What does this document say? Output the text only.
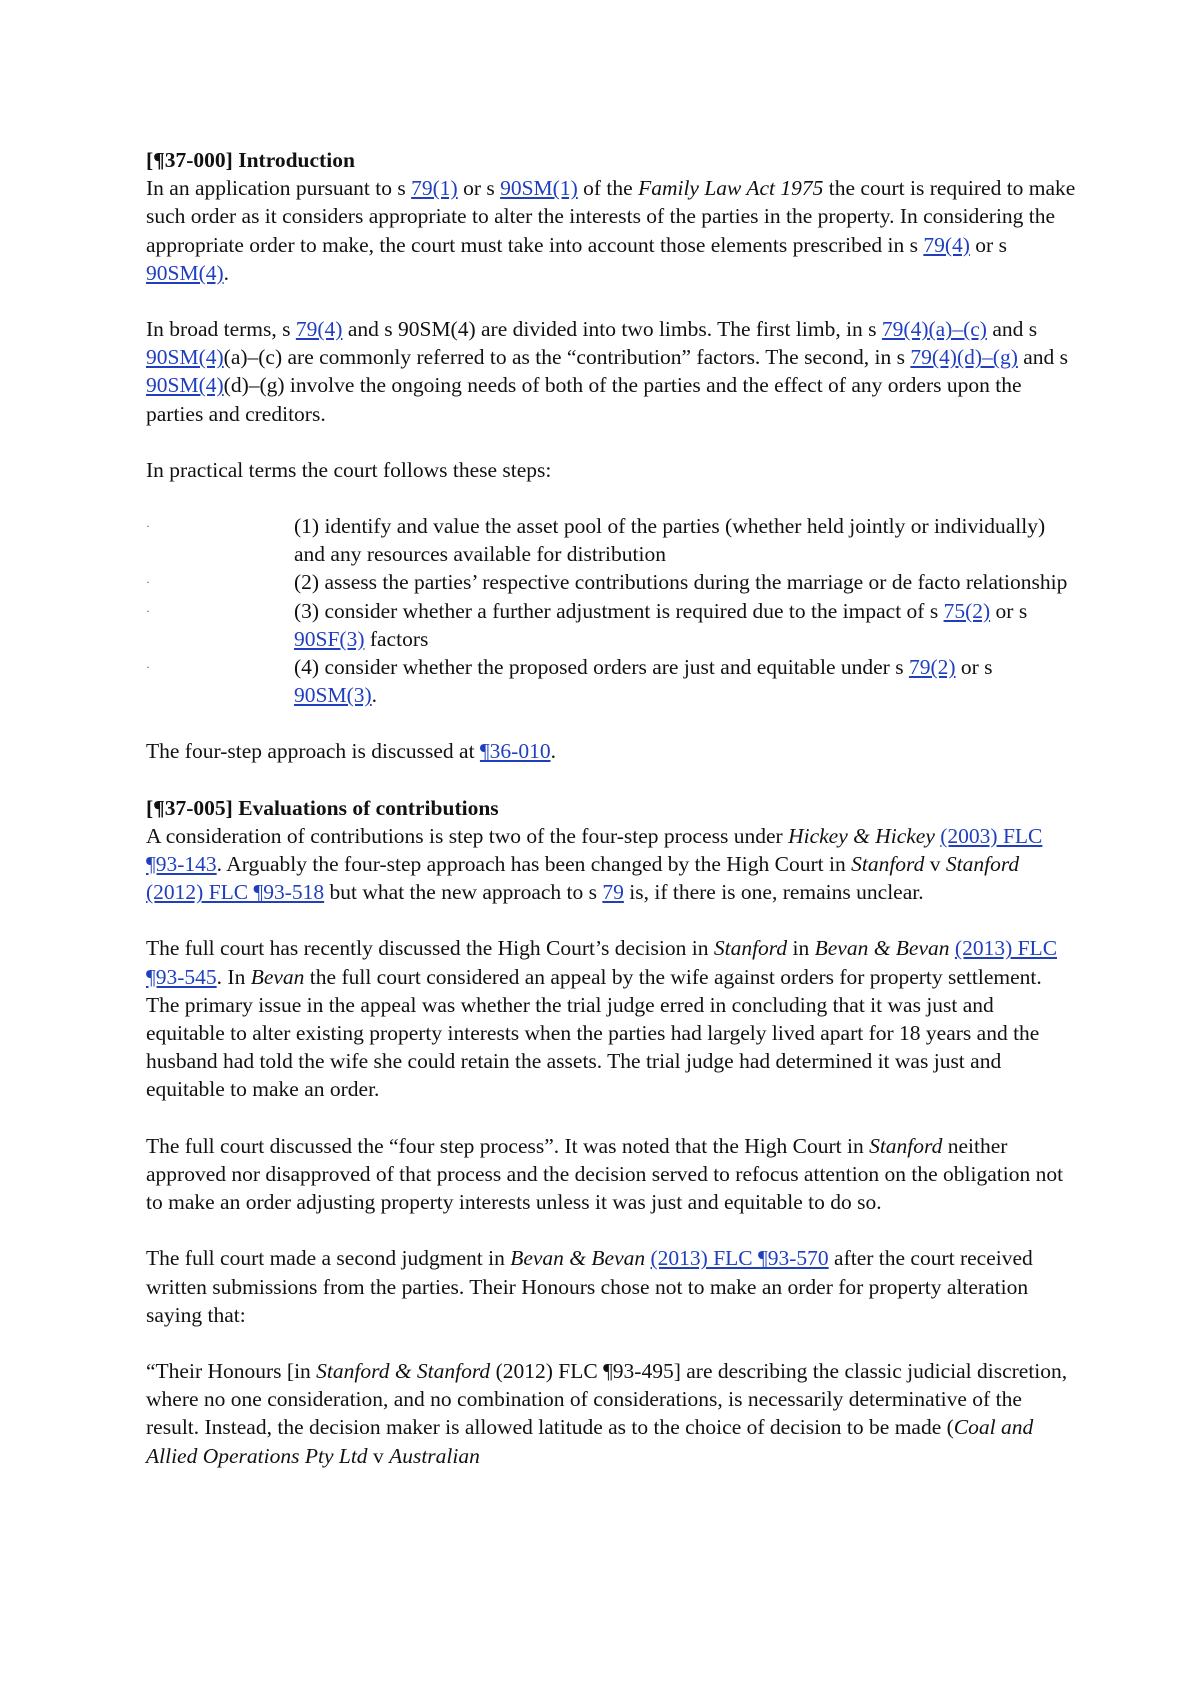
[¶37-000] Introduction

In an application pursuant to s 79(1) or s 90SM(1) of the Family Law Act 1975 the court is required to make such order as it considers appropriate to alter the interests of the parties in the property. In considering the appropriate order to make, the court must take into account those elements prescribed in s 79(4) or s 90SM(4).

In broad terms, s 79(4) and s 90SM(4) are divided into two limbs. The first limb, in s 79(4)(a)–(c) and s 90SM(4)(a)–(c) are commonly referred to as the “contribution” factors. The second, in s 79(4)(d)–(g) and s 90SM(4)(d)–(g) involve the ongoing needs of both of the parties and the effect of any orders upon the parties and creditors.

In practical terms the court follows these steps:

·	(1) identify and value the asset pool of the parties (whether held jointly or individually) and any resources available for distribution
·	(2) assess the parties’ respective contributions during the marriage or de facto relationship
·	(3) consider whether a further adjustment is required due to the impact of s 75(2) or s 90SF(3) factors
·	(4) consider whether the proposed orders are just and equitable under s 79(2) or s 90SM(3).

The four-step approach is discussed at ¶36-010.

[¶37-005] Evaluations of contributions

A consideration of contributions is step two of the four-step process under Hickey & Hickey (2003) FLC ¶93-143. Arguably the four-step approach has been changed by the High Court in Stanford v Stanford (2012) FLC ¶93-518 but what the new approach to s 79 is, if there is one, remains unclear.

The full court has recently discussed the High Court’s decision in Stanford in Bevan & Bevan (2013) FLC ¶93-545. In Bevan the full court considered an appeal by the wife against orders for property settlement. The primary issue in the appeal was whether the trial judge erred in concluding that it was just and equitable to alter existing property interests when the parties had largely lived apart for 18 years and the husband had told the wife she could retain the assets. The trial judge had determined it was just and equitable to make an order.

The full court discussed the “four step process”. It was noted that the High Court in Stanford neither approved nor disapproved of that process and the decision served to refocus attention on the obligation not to make an order adjusting property interests unless it was just and equitable to do so.

The full court made a second judgment in Bevan & Bevan (2013) FLC ¶93-570 after the court received written submissions from the parties. Their Honours chose not to make an order for property alteration saying that:

“Their Honours [in Stanford & Stanford (2012) FLC ¶93-495] are describing the classic judicial discretion, where no one consideration, and no combination of considerations, is necessarily determinative of the result. Instead, the decision maker is allowed latitude as to the choice of decision to be made (Coal and Allied Operations Pty Ltd v Australian
